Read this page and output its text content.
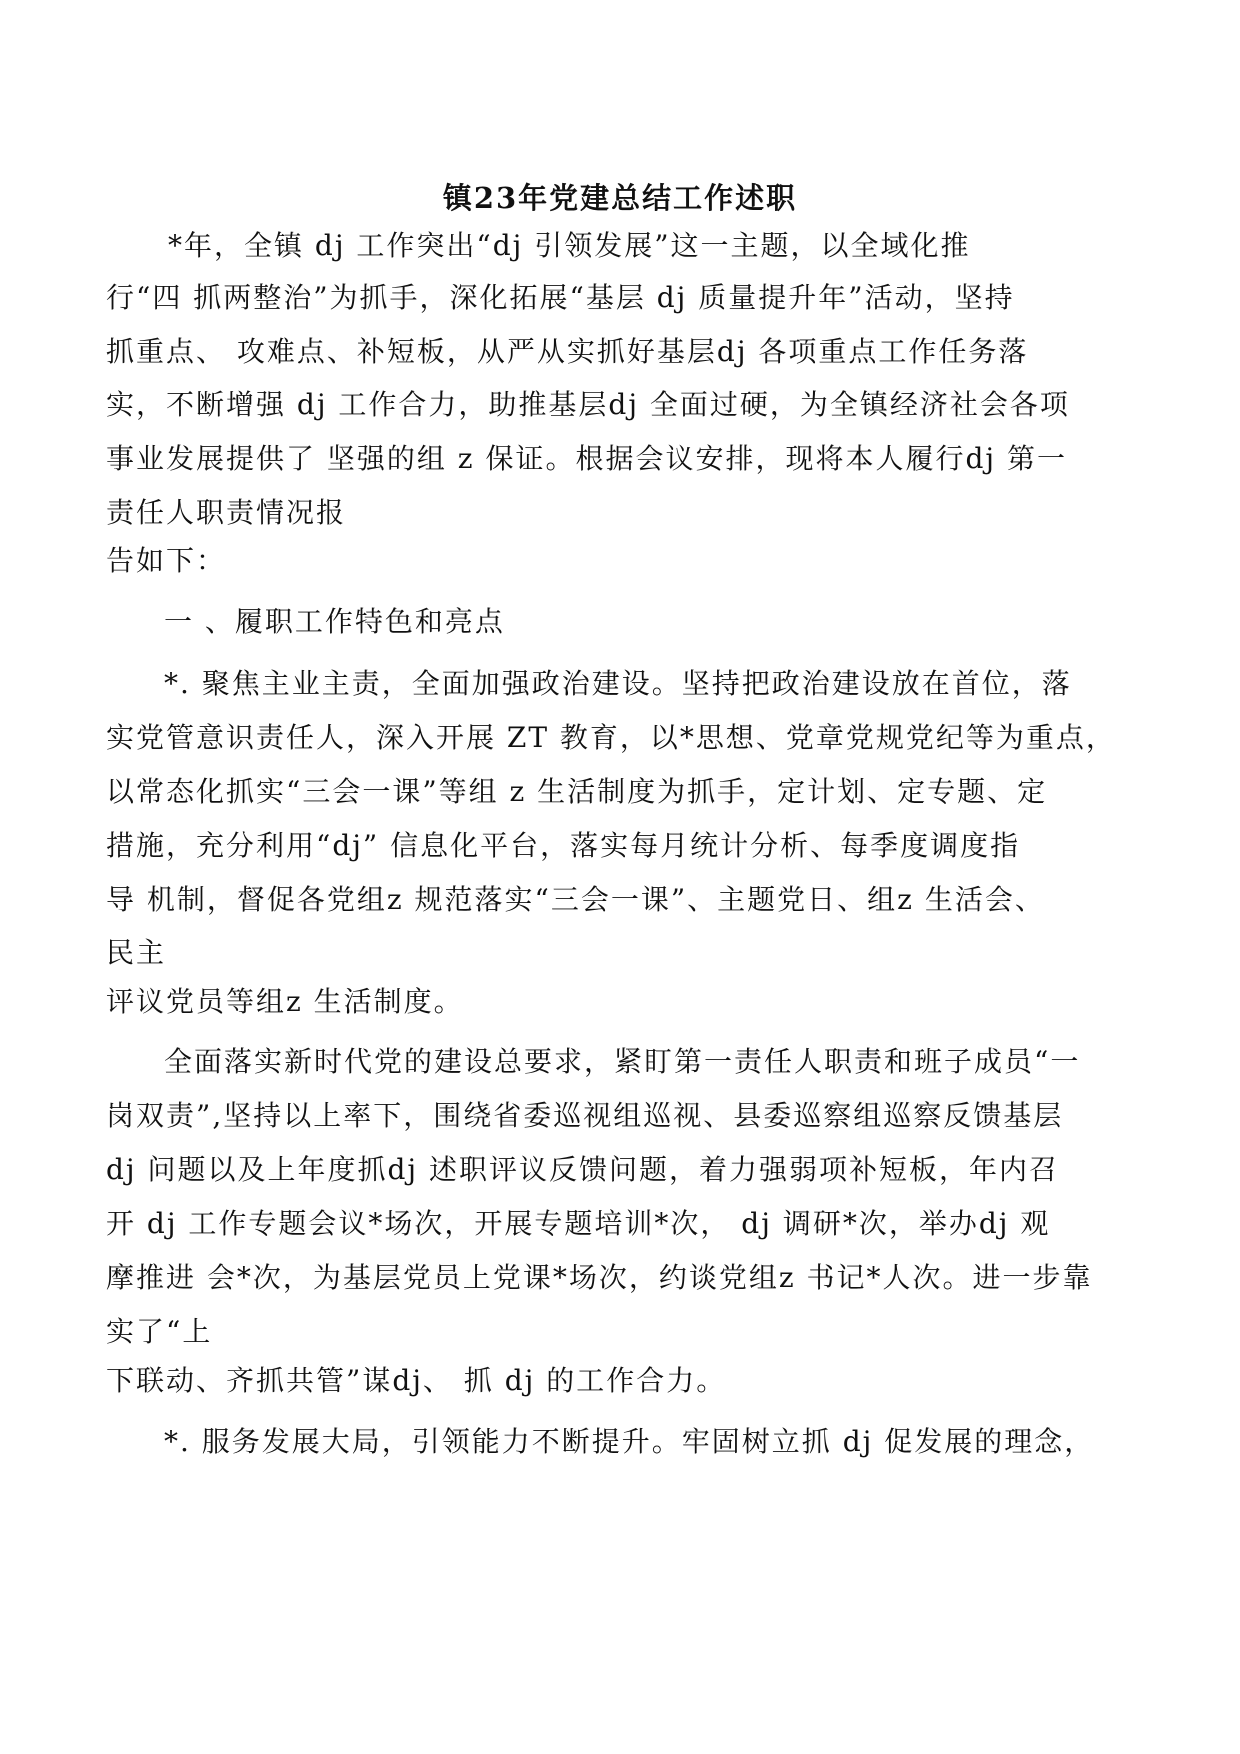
镇23年党建总结工作述职

*年，全镇 dj 工作突出“dj 引领发展”这一主题，以全域化推

行“四 抓两整治”为抓手，深化拓展“基层 dj 质量提升年”活动，坚持

抓重点、 攻难点、补短板，从严从实抓好基层dj 各项重点工作任务落

实，不断增强 dj 工作合力，助推基层dj 全面过硬，为全镇经济社会各项

事业发展提供了 坚强的组 z 保证。根据会议安排，现将本人履行dj 第一

责任人职责情况报

告如下：

一 、履职工作特色和亮点

*. 聚焦主业主责，全面加强政治建设。坚持把政治建设放在首位，落

实党管意识责任人，深入开展 ZT 教育，以*思想、党章党规党纪等为重点，

以常态化抓实“三会一课”等组 z 生活制度为抓手，定计划、定专题、定

措施，充分利用“dj” 信息化平台，落实每月统计分析、每季度调度指

导 机制，督促各党组z 规范落实“三会一课”、主题党日、组z 生活会、

民主

评议党员等组z 生活制度。

全面落实新时代党的建设总要求，紧盯第一责任人职责和班子成员“一

岗双责”,坚持以上率下，围绕省委巡视组巡视、县委巡察组巡察反馈基层

dj 问题以及上年度抓dj 述职评议反馈问题，着力强弱项补短板，年内召

开 dj 工作专题会议*场次，开展专题培训*次， dj 调研*次，举办dj 观

摩推进 会*次，为基层党员上党课*场次，约谈党组z 书记*人次。进一步靠

实了“上

下联动、齐抓共管”谋dj、 抓 dj 的工作合力。

*. 服务发展大局，引领能力不断提升。牢固树立抓 dj 促发展的理念，
